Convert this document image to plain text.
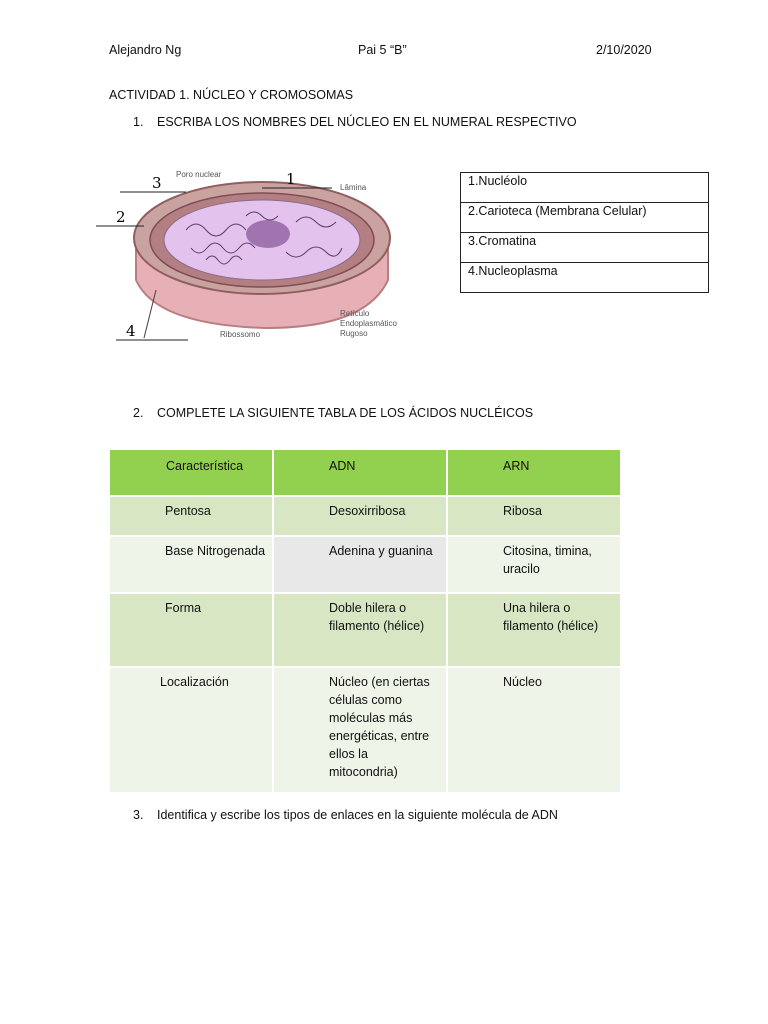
Alejandro Ng	Pai 5 “B”	2/10/2020
ACTIVIDAD 1. NÚCLEO Y CROMOSOMAS
1. ESCRIBA LOS NOMBRES DEL NÚCLEO EN EL NUMERAL RESPECTIVO
3
2
1
4
Poro nuclear
Lâmina
Ribossomo
Retículo
Endoplasmático
Rugoso
1.Nucléolo
2.Carioteca (Membrana Celular)
3.Cromatina
4.Nucleoplasma
2. COMPLETE LA SIGUIENTE TABLA DE LOS ÁCIDOS NUCLÉICOS
Característica	ADN	ARN
Pentosa	Desoxirribosa	Ribosa
Base Nitrogenada	Adenina y guanina	Citosina, timina, uracilo

Forma	Doble hilera o filamento (hélice)	Una hilera o filamento (hélice)

Localización	Núcleo (en ciertas células como moléculas más energéticas, entre ellos la mitocondria)	Núcleo
3. Identifica y escribe los tipos de enlaces en la siguiente molécula de ADN
